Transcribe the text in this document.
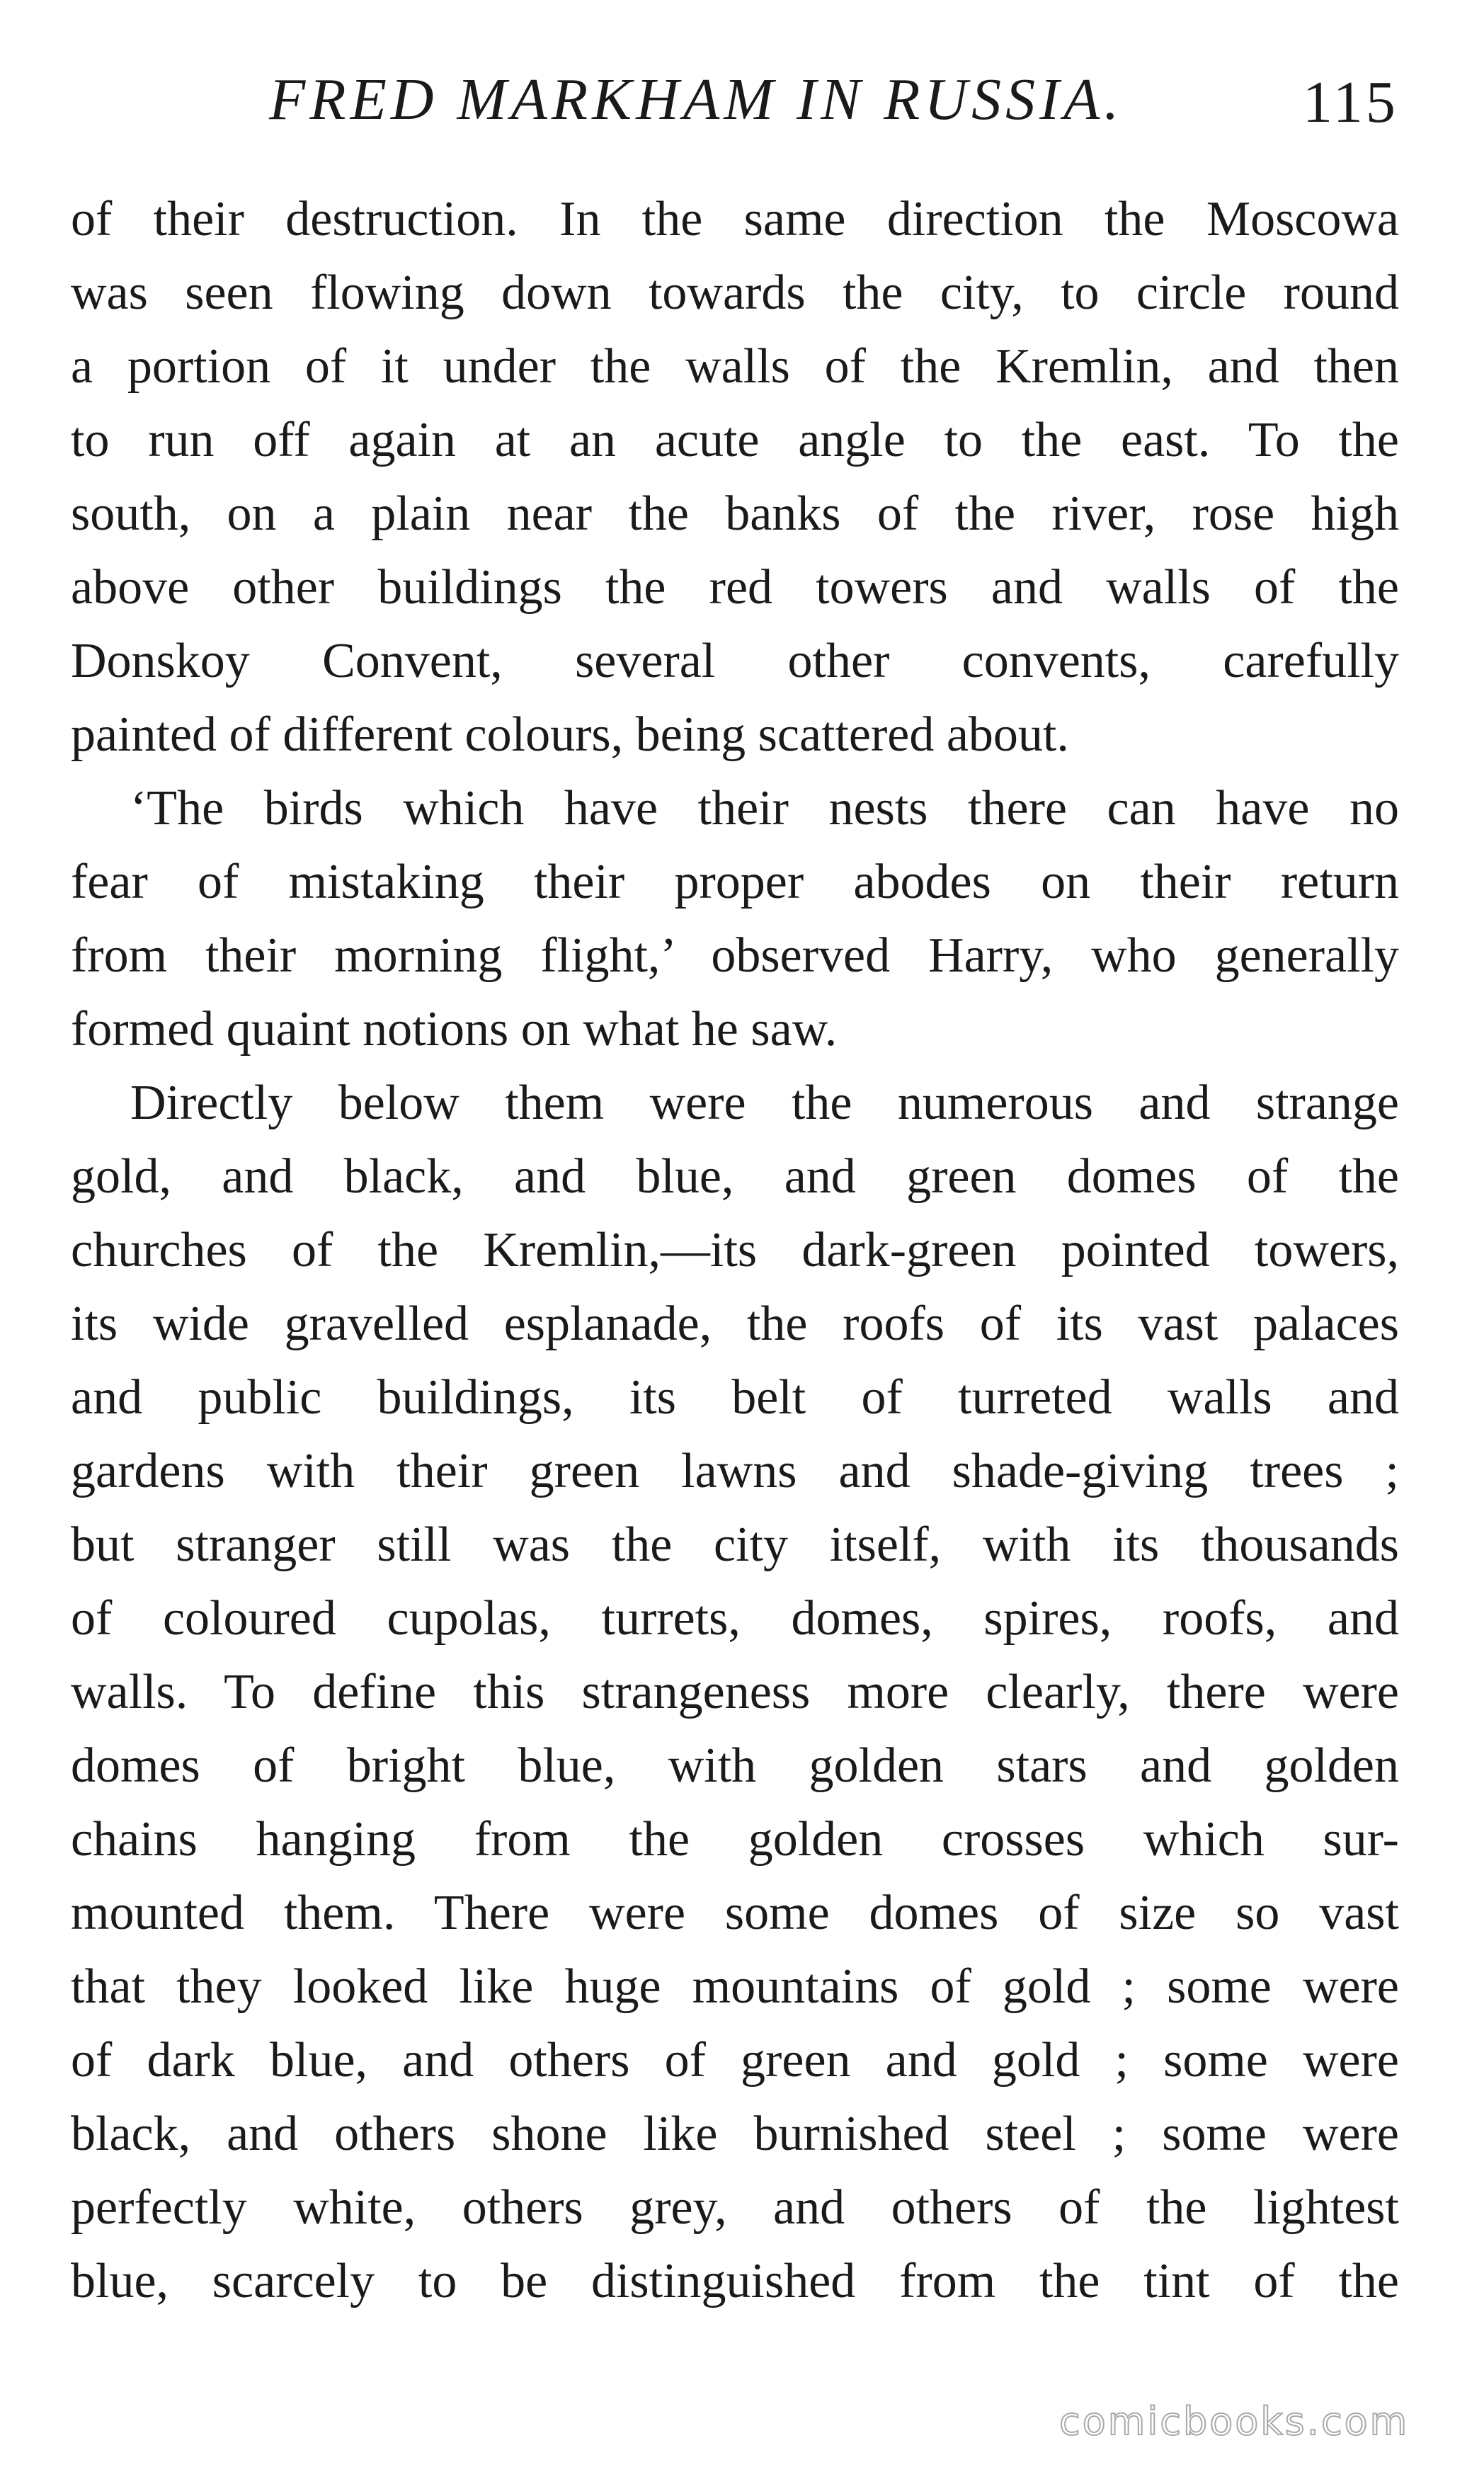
FRED MARKHAM IN RUSSIA.	115
of their destruction. In the same direction the Moscowa
was seen flowing down towards the city, to circle round
a portion of it under the walls of the Kremlin, and then
to run off again at an acute angle to the east. To the
south, on a plain near the banks of the river, rose high
above other buildings the red towers and walls of the
Donskoy Convent, several other convents, carefully
painted of different colours, being scattered about.
‘The birds which have their nests there can have no
fear of mistaking their proper abodes on their return
from their morning flight,’ observed Harry, who generally
formed quaint notions on what he saw.
Directly below them were the numerous and strange
gold, and black, and blue, and green domes of the
churches of the Kremlin,—its dark-green pointed towers,
its wide gravelled esplanade, the roofs of its vast palaces
and public buildings, its belt of turreted walls and
gardens with their green lawns and shade-giving trees ;
but stranger still was the city itself, with its thousands
of coloured cupolas, turrets, domes, spires, roofs, and
walls. To define this strangeness more clearly, there were
domes of bright blue, with golden stars and golden
chains hanging from the golden crosses which sur-
mounted them. There were some domes of size so vast
that they looked like huge mountains of gold ; some were
of dark blue, and others of green and gold ; some were
black, and others shone like burnished steel ; some were
perfectly white, others grey, and others of the lightest
blue, scarcely to be distinguished from the tint of the
comicbooks.com
